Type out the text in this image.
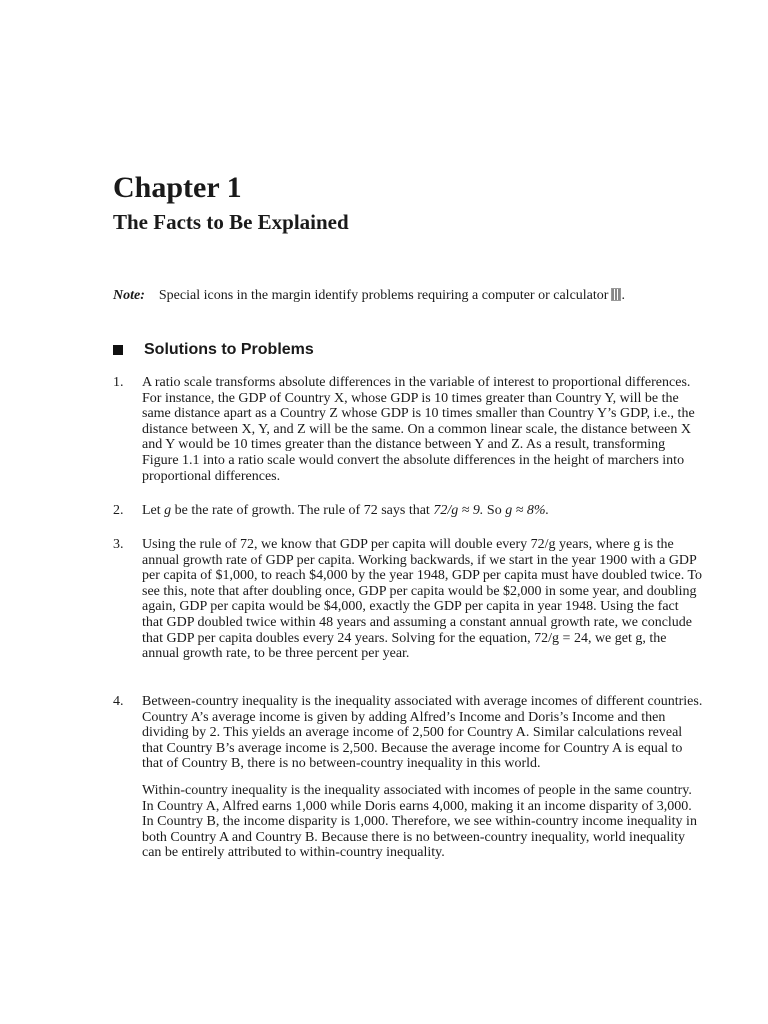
Chapter 1
The Facts to Be Explained
Note: Special icons in the margin identify problems requiring a computer or calculator .
Solutions to Problems
1. A ratio scale transforms absolute differences in the variable of interest to proportional differences. For instance, the GDP of Country X, whose GDP is 10 times greater than Country Y, will be the same distance apart as a Country Z whose GDP is 10 times smaller than Country Y’s GDP, i.e., the distance between X, Y, and Z will be the same. On a common linear scale, the distance between X and Y would be 10 times greater than the distance between Y and Z. As a result, transforming Figure 1.1 into a ratio scale would convert the absolute differences in the height of marchers into proportional differences.

2. Let g be the rate of growth. The rule of 72 says that 72/g ≈ 9. So g ≈ 8%.

3. Using the rule of 72, we know that GDP per capita will double every 72/g years, where g is the annual growth rate of GDP per capita. Working backwards, if we start in the year 1900 with a GDP per capita of $1,000, to reach $4,000 by the year 1948, GDP per capita must have doubled twice. To see this, note that after doubling once, GDP per capita would be $2,000 in some year, and doubling again, GDP per capita would be $4,000, exactly the GDP per capita in year 1948. Using the fact that GDP doubled twice within 48 years and assuming a constant annual growth rate, we conclude that GDP per capita doubles every 24 years. Solving for the equation, 72/g = 24, we get g, the annual growth rate, to be three percent per year.

4. Between-country inequality is the inequality associated with average incomes of different countries. Country A’s average income is given by adding Alfred’s Income and Doris’s Income and then dividing by 2. This yields an average income of 2,500 for Country A. Similar calculations reveal that Country B’s average income is 2,500. Because the average income for Country A is equal to that of Country B, there is no between-country inequality in this world.

Within-country inequality is the inequality associated with incomes of people in the same country. In Country A, Alfred earns 1,000 while Doris earns 4,000, making it an income disparity of 3,000. In Country B, the income disparity is 1,000. Therefore, we see within-country income inequality in both Country A and Country B. Because there is no between-country inequality, world inequality can be entirely attributed to within-country inequality.
